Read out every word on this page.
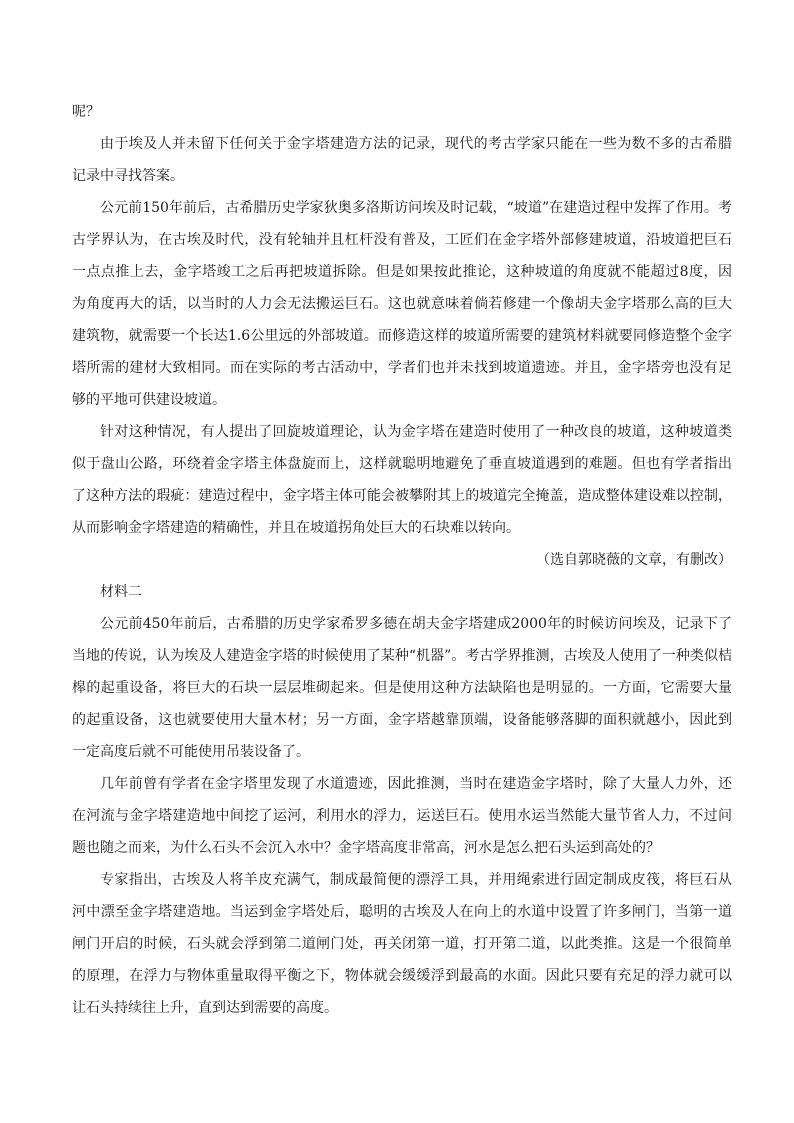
呢？
由于埃及人并未留下任何关于金字塔建造方法的记录，现代的考古学家只能在一些为数不多的古希腊
记录中寻找答案。
公元前150年前后，古希腊历史学家狄奥多洛斯访问埃及时记载，“坡道”在建造过程中发挥了作用。考
古学界认为，在古埃及时代，没有轮轴并且杠杆没有普及，工匠们在金字塔外部修建坡道，沿坡道把巨石
一点点推上去，金字塔竣工之后再把坡道拆除。但是如果按此推论，这种坡道的角度就不能超过8度，因
为角度再大的话，以当时的人力会无法搬运巨石。这也就意味着倘若修建一个像胡夫金字塔那么高的巨大
建筑物，就需要一个长达1.6公里远的外部坡道。而修造这样的坡道所需要的建筑材料就要同修造整个金字
塔所需的建材大致相同。而在实际的考古活动中，学者们也并未找到坡道遗迹。并且，金字塔旁也没有足
够的平地可供建设坡道。
针对这种情况，有人提出了回旋坡道理论，认为金字塔在建造时使用了一种改良的坡道，这种坡道类
似于盘山公路，环绕着金字塔主体盘旋而上，这样就聪明地避免了垂直坡道遇到的难题。但也有学者指出
了这种方法的瑕疵：建造过程中，金字塔主体可能会被攀附其上的坡道完全掩盖，造成整体建设难以控制，
从而影响金字塔建造的精确性，并且在坡道拐角处巨大的石块难以转向。
（选自郭晓薇的文章，有删改）
材料二
公元前450年前后，古希腊的历史学家希罗多德在胡夫金字塔建成2000年的时候访问埃及，记录下了
当地的传说，认为埃及人建造金字塔的时候使用了某种“机器”。考古学界推测，古埃及人使用了一种类似桔
槔的起重设备，将巨大的石块一层层堆砌起来。但是使用这种方法缺陷也是明显的。一方面，它需要大量
的起重设备，这也就要使用大量木材；另一方面，金字塔越靠顶端，设备能够落脚的面积就越小，因此到
一定高度后就不可能使用吊装设备了。
几年前曾有学者在金字塔里发现了水道遗迹，因此推测，当时在建造金字塔时，除了大量人力外，还
在河流与金字塔建造地中间挖了运河，利用水的浮力，运送巨石。使用水运当然能大量节省人力，不过问
题也随之而来，为什么石头不会沉入水中？金字塔高度非常高，河水是怎么把石头运到高处的？
专家指出，古埃及人将羊皮充满气，制成最简便的漂浮工具，并用绳索进行固定制成皮筏，将巨石从
河中漂至金字塔建造地。当运到金字塔处后，聪明的古埃及人在向上的水道中设置了许多闸门，当第一道
闸门开启的时候，石头就会浮到第二道闸门处，再关闭第一道，打开第二道，以此类推。这是一个很简单
的原理，在浮力与物体重量取得平衡之下，物体就会缓缓浮到最高的水面。因此只要有充足的浮力就可以
让石头持续往上升，直到达到需要的高度。
